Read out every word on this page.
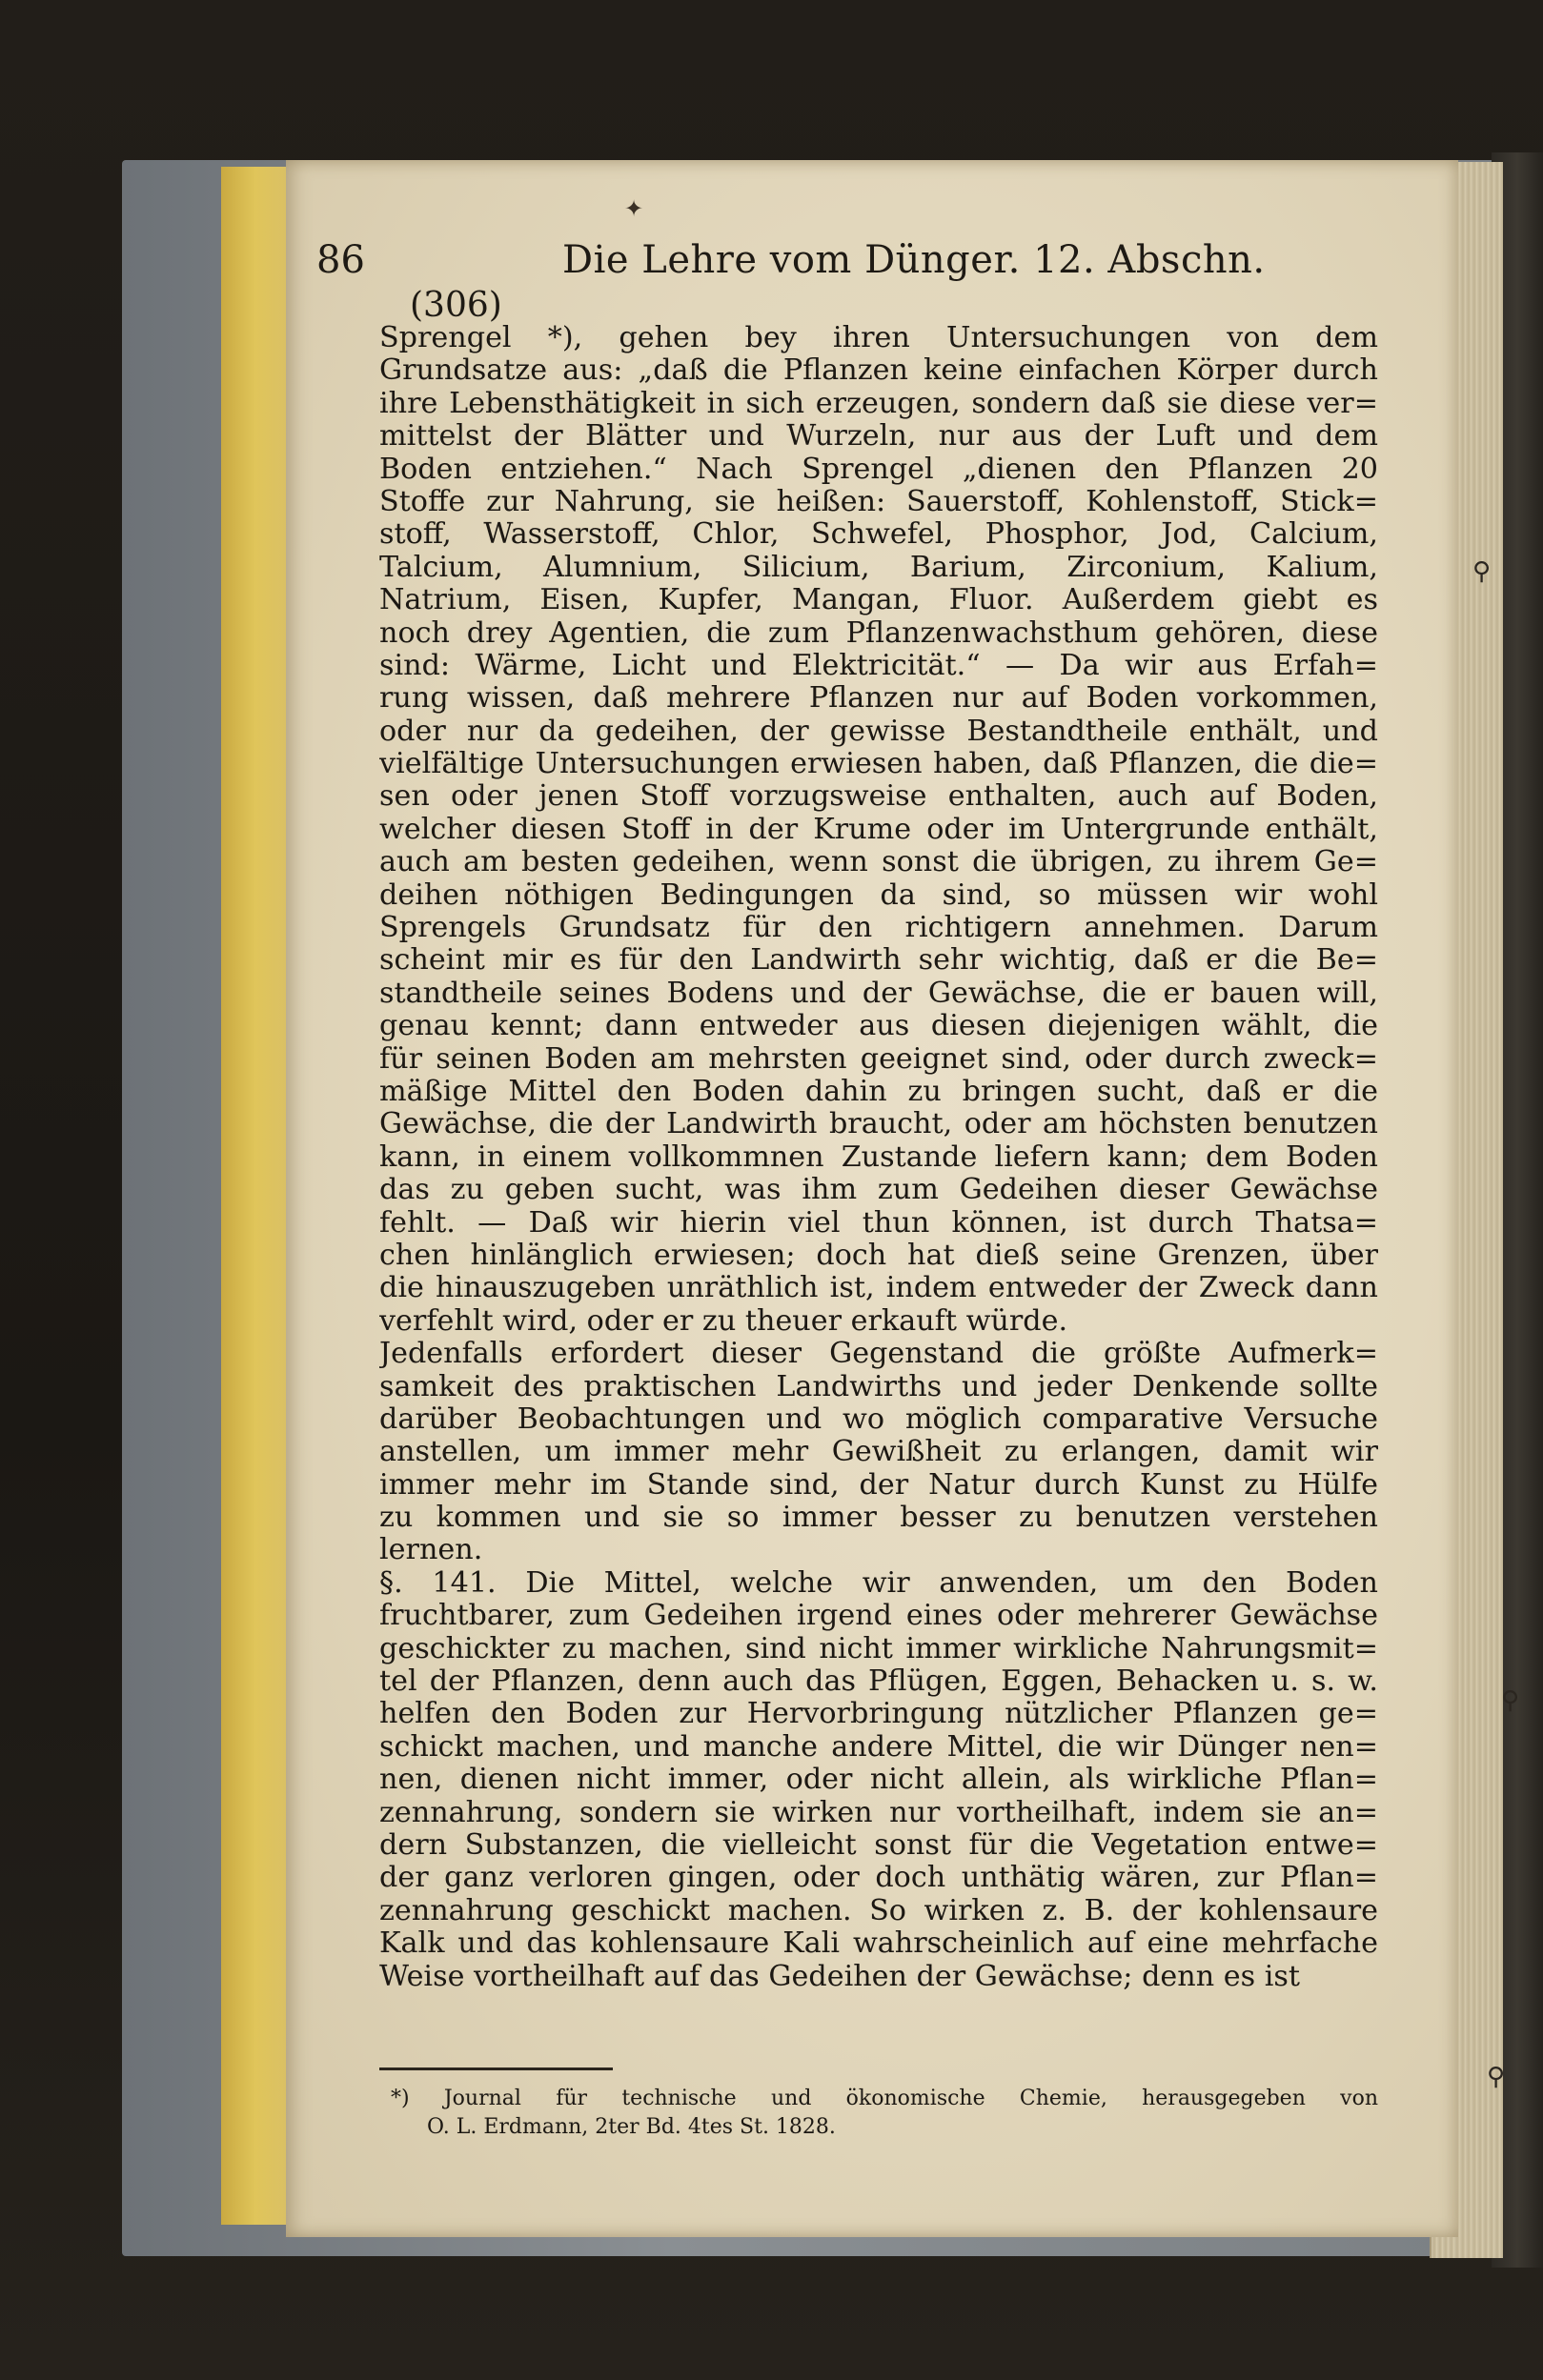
✦
86	Die Lehre vom Dünger. 12. Abschn.
(306)
Sprengel *), gehen bey ihren Untersuchungen von dem
Grundsatze aus: „daß die Pflanzen keine einfachen Körper durch
ihre Lebensthätigkeit in sich erzeugen, sondern daß sie diese ver=
mittelst der Blätter und Wurzeln, nur aus der Luft und dem
Boden entziehen.“ Nach Sprengel „dienen den Pflanzen 20
Stoffe zur Nahrung, sie heißen: Sauerstoff, Kohlenstoff, Stick=
stoff, Wasserstoff, Chlor, Schwefel, Phosphor, Jod, Calcium,
Talcium, Alumnium, Silicium, Barium, Zirconium, Kalium,
Natrium, Eisen, Kupfer, Mangan, Fluor. Außerdem giebt es
noch drey Agentien, die zum Pflanzenwachsthum gehören, diese
sind: Wärme, Licht und Elektricität.“ — Da wir aus Erfah=
rung wissen, daß mehrere Pflanzen nur auf Boden vorkommen,
oder nur da gedeihen, der gewisse Bestandtheile enthält, und
vielfältige Untersuchungen erwiesen haben, daß Pflanzen, die die=
sen oder jenen Stoff vorzugsweise enthalten, auch auf Boden,
welcher diesen Stoff in der Krume oder im Untergrunde enthält,
auch am besten gedeihen, wenn sonst die übrigen, zu ihrem Ge=
deihen nöthigen Bedingungen da sind, so müssen wir wohl
Sprengels Grundsatz für den richtigern annehmen. Darum
scheint mir es für den Landwirth sehr wichtig, daß er die Be=
standtheile seines Bodens und der Gewächse, die er bauen will,
genau kennt; dann entweder aus diesen diejenigen wählt, die
für seinen Boden am mehrsten geeignet sind, oder durch zweck=
mäßige Mittel den Boden dahin zu bringen sucht, daß er die
Gewächse, die der Landwirth braucht, oder am höchsten benutzen
kann, in einem vollkommnen Zustande liefern kann; dem Boden
das zu geben sucht, was ihm zum Gedeihen dieser Gewächse
fehlt. — Daß wir hierin viel thun können, ist durch Thatsa=
chen hinlänglich erwiesen; doch hat dieß seine Grenzen, über
die hinauszugeben unräthlich ist, indem entweder der Zweck dann
verfehlt wird, oder er zu theuer erkauft würde.
Jedenfalls erfordert dieser Gegenstand die größte Aufmerk=
samkeit des praktischen Landwirths und jeder Denkende sollte
darüber Beobachtungen und wo möglich comparative Versuche
anstellen, um immer mehr Gewißheit zu erlangen, damit wir
immer mehr im Stande sind, der Natur durch Kunst zu Hülfe
zu kommen und sie so immer besser zu benutzen verstehen
lernen.
§. 141. Die Mittel, welche wir anwenden, um den Boden
fruchtbarer, zum Gedeihen irgend eines oder mehrerer Gewächse
geschickter zu machen, sind nicht immer wirkliche Nahrungsmit=
tel der Pflanzen, denn auch das Pflügen, Eggen, Behacken u. s. w.
helfen den Boden zur Hervorbringung nützlicher Pflanzen ge=
schickt machen, und manche andere Mittel, die wir Dünger nen=
nen, dienen nicht immer, oder nicht allein, als wirkliche Pflan=
zennahrung, sondern sie wirken nur vortheilhaft, indem sie an=
dern Substanzen, die vielleicht sonst für die Vegetation entwe=
der ganz verloren gingen, oder doch unthätig wären, zur Pflan=
zennahrung geschickt machen. So wirken z. B. der kohlensaure
Kalk und das kohlensaure Kali wahrscheinlich auf eine mehrfache
Weise vortheilhaft auf das Gedeihen der Gewächse; denn es ist
*) Journal für technische und ökonomische Chemie, herausgegeben von
O. L. Erdmann, 2ter Bd. 4tes St. 1828.
⚲
⚲
⚲
